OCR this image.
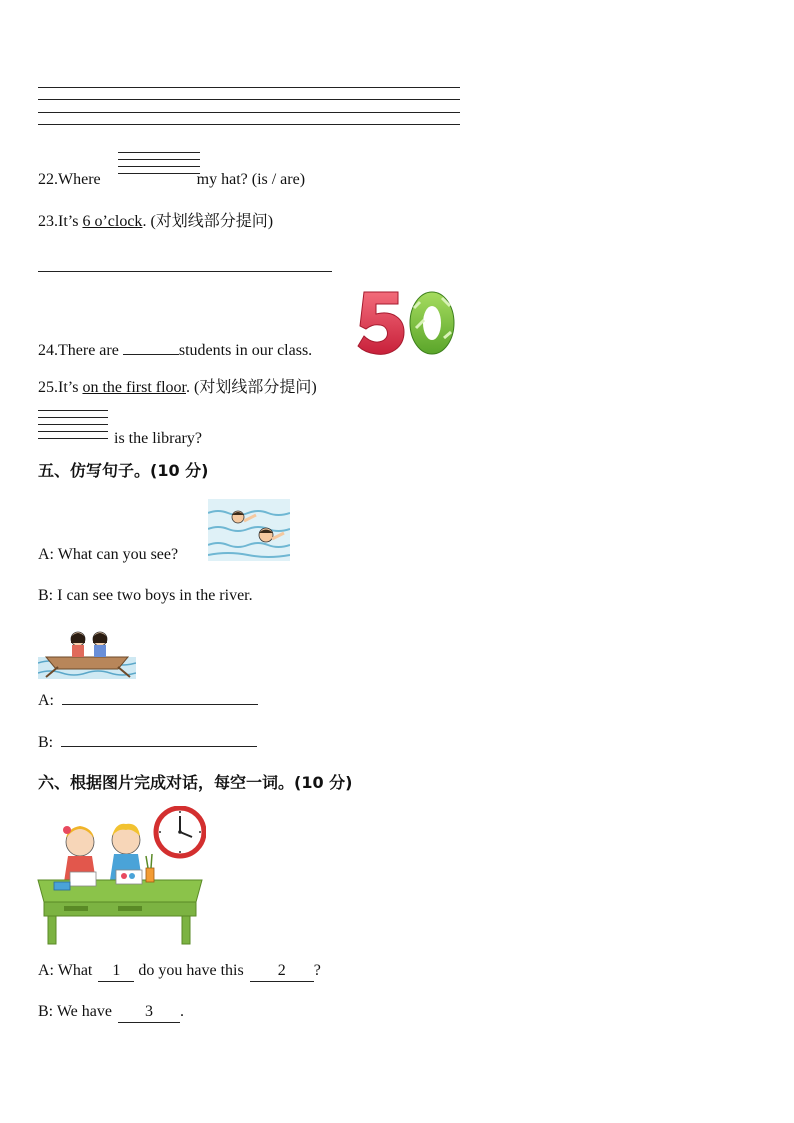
22.Where	my hat? (is / are)
23.It’s 6 o’clock. (对划线部分提问)
24.There are	students in our class.
25.It’s on the first floor. (对划线部分提问)
is the library?
五、仿写句子。(10 分)
A: What can you see?
B: I can see two boys in the river.
A:
B:
六、根据图片完成对话，每空一词。(10 分)
A: What 1 do you have this 2 ?
B: We have 3 .
